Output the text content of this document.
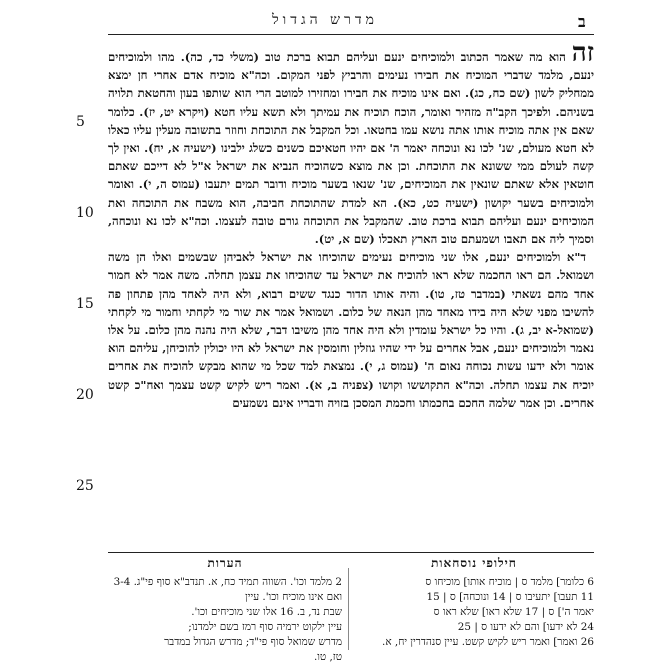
ב
מדרש הגדול

זההוא מה שאמר הכתוב ולמוכיחים ינעם ועליהם תבוא ברכת טוב (משלי כד, כה). מהו ולמוכיחים ינעם, מלמד שדברי המוכיח את חבירו נעימים והרביץ לפני המקום. וכה"א מוכיח אדם אחרי חן ימצא ממחליק לשון (שם כח, כג). ואם אינו מוכיח את חבירו ומחזירו למוטב הרי הוא שותפו בעון והחטאת תלויה בשניהם. ולפיכך הקב"ה מזהיר ואומר, הוכח תוכיח את עמיתך ולא תשא עליו חטא (ויקרא יט, יז). כלומר שאם אין אתה מוכיח אותו אתה נושא עמו בחטאו. וכל המקבל את התוכחת וחוזר בתשובה מעלין עליו כאלו לא חטא מעולם, שנ' לכו נא ונוכחה יאמר ה' אם יהיו חטאיכם כשנים כשלג ילבינו (ישעיה א, יח). ואין לך קשה לעולם ממי ששונא את התוכחת. וכן את מוצא כשהוכיח הנביא את ישראל א"ל לא דייכם שאתם חוטאין אלא שאתם שונאין את המוכיחים, שנ' שנאו בשער מוכיח ודובר תמים יתעבו (עמוס ה, י). ואומר ולמוכיחים בשער יקושון (ישעיה כט, כא). הא למדת שהתוכחת חביבה, הוא משבח את התוכחה ואת המוכיחים ינעם ועליהם תבוא ברכת טוב. שהמקבל את התוכחה גורם טובה לעצמו. וכה"א לכו נא ונוכחה, וסמיך ליה אם תאבו ושמעתם טוב הארץ תאכלו (שם א, יט).

ד"א ולמוכיחים ינעם, אלו שני מוכיחים נעימים שהוכיחו את ישראל לאביהן שבשמים ואלו הן משה ושמואל. הם ראו החכמה שלא ראו להוכיח את ישראל עד שהוכיחו את עצמן תחלה. משה אמר לא חמור אחד מהם נשאתי (במדבר טז, טו). והיה אותו הדור כנגד ששים רבוא, ולא היה לאחד מהן פתחון פה להשיבו מפני שלא היה בידו מאחד מהן הנאה של כלום. ושמואל אמר את שור מי לקחתי וחמור מי לקחתי (שמואל-א יב, ג). והיו כל ישראל עומדין ולא היה אחד מהן משיבו דבר, שלא היה נהנה מהן כלום. על אלו נאמר ולמוכיחים ינעם, אבל אחרים על ידי שהיו גוזלין וחומסין את ישראל לא היו יכולין להוכיחן, עליהם הוא אומר ולא ידעו עשות נכוחה נאום ה' (עמוס ג, י). נמצאת למד שכל מי שהוא מבקש להוכיח את אחרים יוכיח את עצמו תחלה. וכה"א התקוששו וקושו (צפניה ב, א). ואמר ריש לקיש קשט עצמך ואח"כ קשט אחרים. וכן אמר שלמה החכם בחכמתו וחכמת המסכן בזויה ודבריו אינם נשמעים

5
10
15
20
25
חילופי נוסחאות

6 כלומר] מלמד ס | מוכיח אותו] מוכיחו ס

11 תעבו] יתעיבו ס | 14 ונוכחה] ס | 15

יאמר ה'] ס | 17 שלא ראו] שלא ראו ס

24 לא ידעו] והם לא ידעו ס | 25

26 ואמר] ואמר ריש לקיש קשט. עיין סנהדרין יח, א.

הערות

2 מלמד וכו'. השווה תמיד כח, א. תנדב"א סוף פי"ג. 3-4 ואם אינו מוכיח וכו'. עיין

שבת נד, ב. 16 אלו שני מוכיחים וכו'.

עיין ילקוט ירמיה סוף רמז בשם ילמדנו;

מדרש שמואל סוף פי"ד; מדרש הגדול במדבר

טז, טו.
